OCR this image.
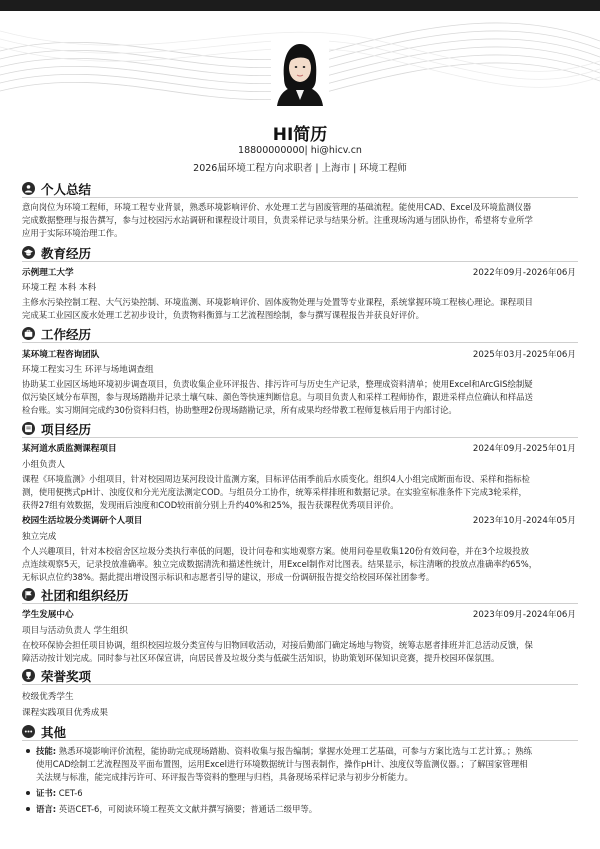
HI简历
18800000000| hi@hicv.cn
2026届环境工程方向求职者 | 上海市 | 环境工程师
个人总结
意向岗位为环境工程师，环境工程专业背景，熟悉环境影响评价、水处理工艺与固废管理的基础流程。能使用CAD、Excel及环境监测仪器
完成数据整理与报告撰写，参与过校园污水站调研和课程设计项目，负责采样记录与结果分析。注重现场沟通与团队协作，希望将专业所学
应用于实际环境治理工作。
教育经历
示例理工大学	2022年09月-2026年06月
环境工程 本科 本科
主修水污染控制工程、大气污染控制、环境监测、环境影响评价、固体废物处理与处置等专业课程，系统掌握环境工程核心理论。课程项目
完成某工业园区废水处理工艺初步设计，负责物料衡算与工艺流程图绘制，参与撰写课程报告并获良好评价。
工作经历
某环境工程咨询团队	2025年03月-2025年06月
环境工程实习生 环评与场地调查组
协助某工业园区场地环境初步调查项目，负责收集企业环评报告、排污许可与历史生产记录，整理成资料清单；使用Excel和ArcGIS绘制疑
似污染区域分布草图，参与现场踏勘并记录土壤气味、颜色等快速判断信息。与项目负责人和采样工程师协作，跟进采样点位确认和样品送
检台账。实习期间完成约30份资料归档，协助整理2份现场踏勘记录，所有成果均经带教工程师复核后用于内部讨论。
项目经历
某河道水质监测课程项目	2024年09月-2025年01月
小组负责人
课程《环境监测》小组项目，针对校园周边某河段设计监测方案，目标评估雨季前后水质变化。组织4人小组完成断面布设、采样和指标检
测，使用便携式pH计、浊度仪和分光光度法测定COD。与组员分工协作，统筹采样排班和数据记录。在实验室标准条件下完成3轮采样，
获得27组有效数据，发现雨后浊度和COD较雨前分别上升约40%和25%，报告获课程优秀项目评价。
校园生活垃圾分类调研个人项目	2023年10月-2024年05月
独立完成
个人兴趣项目，针对本校宿舍区垃圾分类执行率低的问题，设计问卷和实地观察方案。使用问卷星收集120份有效问卷，并在3个垃圾投放
点连续观察5天，记录投放准确率。独立完成数据清洗和描述性统计，用Excel制作对比图表。结果显示，标注清晰的投放点准确率约65%，
无标识点位约38%。据此提出增设图示标识和志愿者引导的建议，形成一份调研报告提交给校园环保社团参考。
社团和组织经历
学生发展中心	2023年09月-2024年06月
项目与活动负责人 学生组织
在校环保协会担任项目协调，组织校园垃圾分类宣传与旧物回收活动，对接后勤部门确定场地与物资，统筹志愿者排班并汇总活动反馈，保
障活动按计划完成。同时参与社区环保宣讲，向居民普及垃圾分类与低碳生活知识，协助策划环保知识竞赛，提升校园环保氛围。
荣誉奖项
校级优秀学生
课程实践项目优秀成果
其他
技能: 熟悉环境影响评价流程，能协助完成现场踏勘、资料收集与报告编制；掌握水处理工艺基础，可参与方案比选与工艺计算。；熟练
使用CAD绘制工艺流程图及平面布置图，运用Excel进行环境数据统计与图表制作，操作pH计、浊度仪等监测仪器。；了解国家管理相
关法规与标准，能完成排污许可、环评报告等资料的整理与归档，具备现场采样记录与初步分析能力。
证书: CET-6
语言: 英语CET-6，可阅读环境工程英文文献并撰写摘要；普通话二级甲等。
